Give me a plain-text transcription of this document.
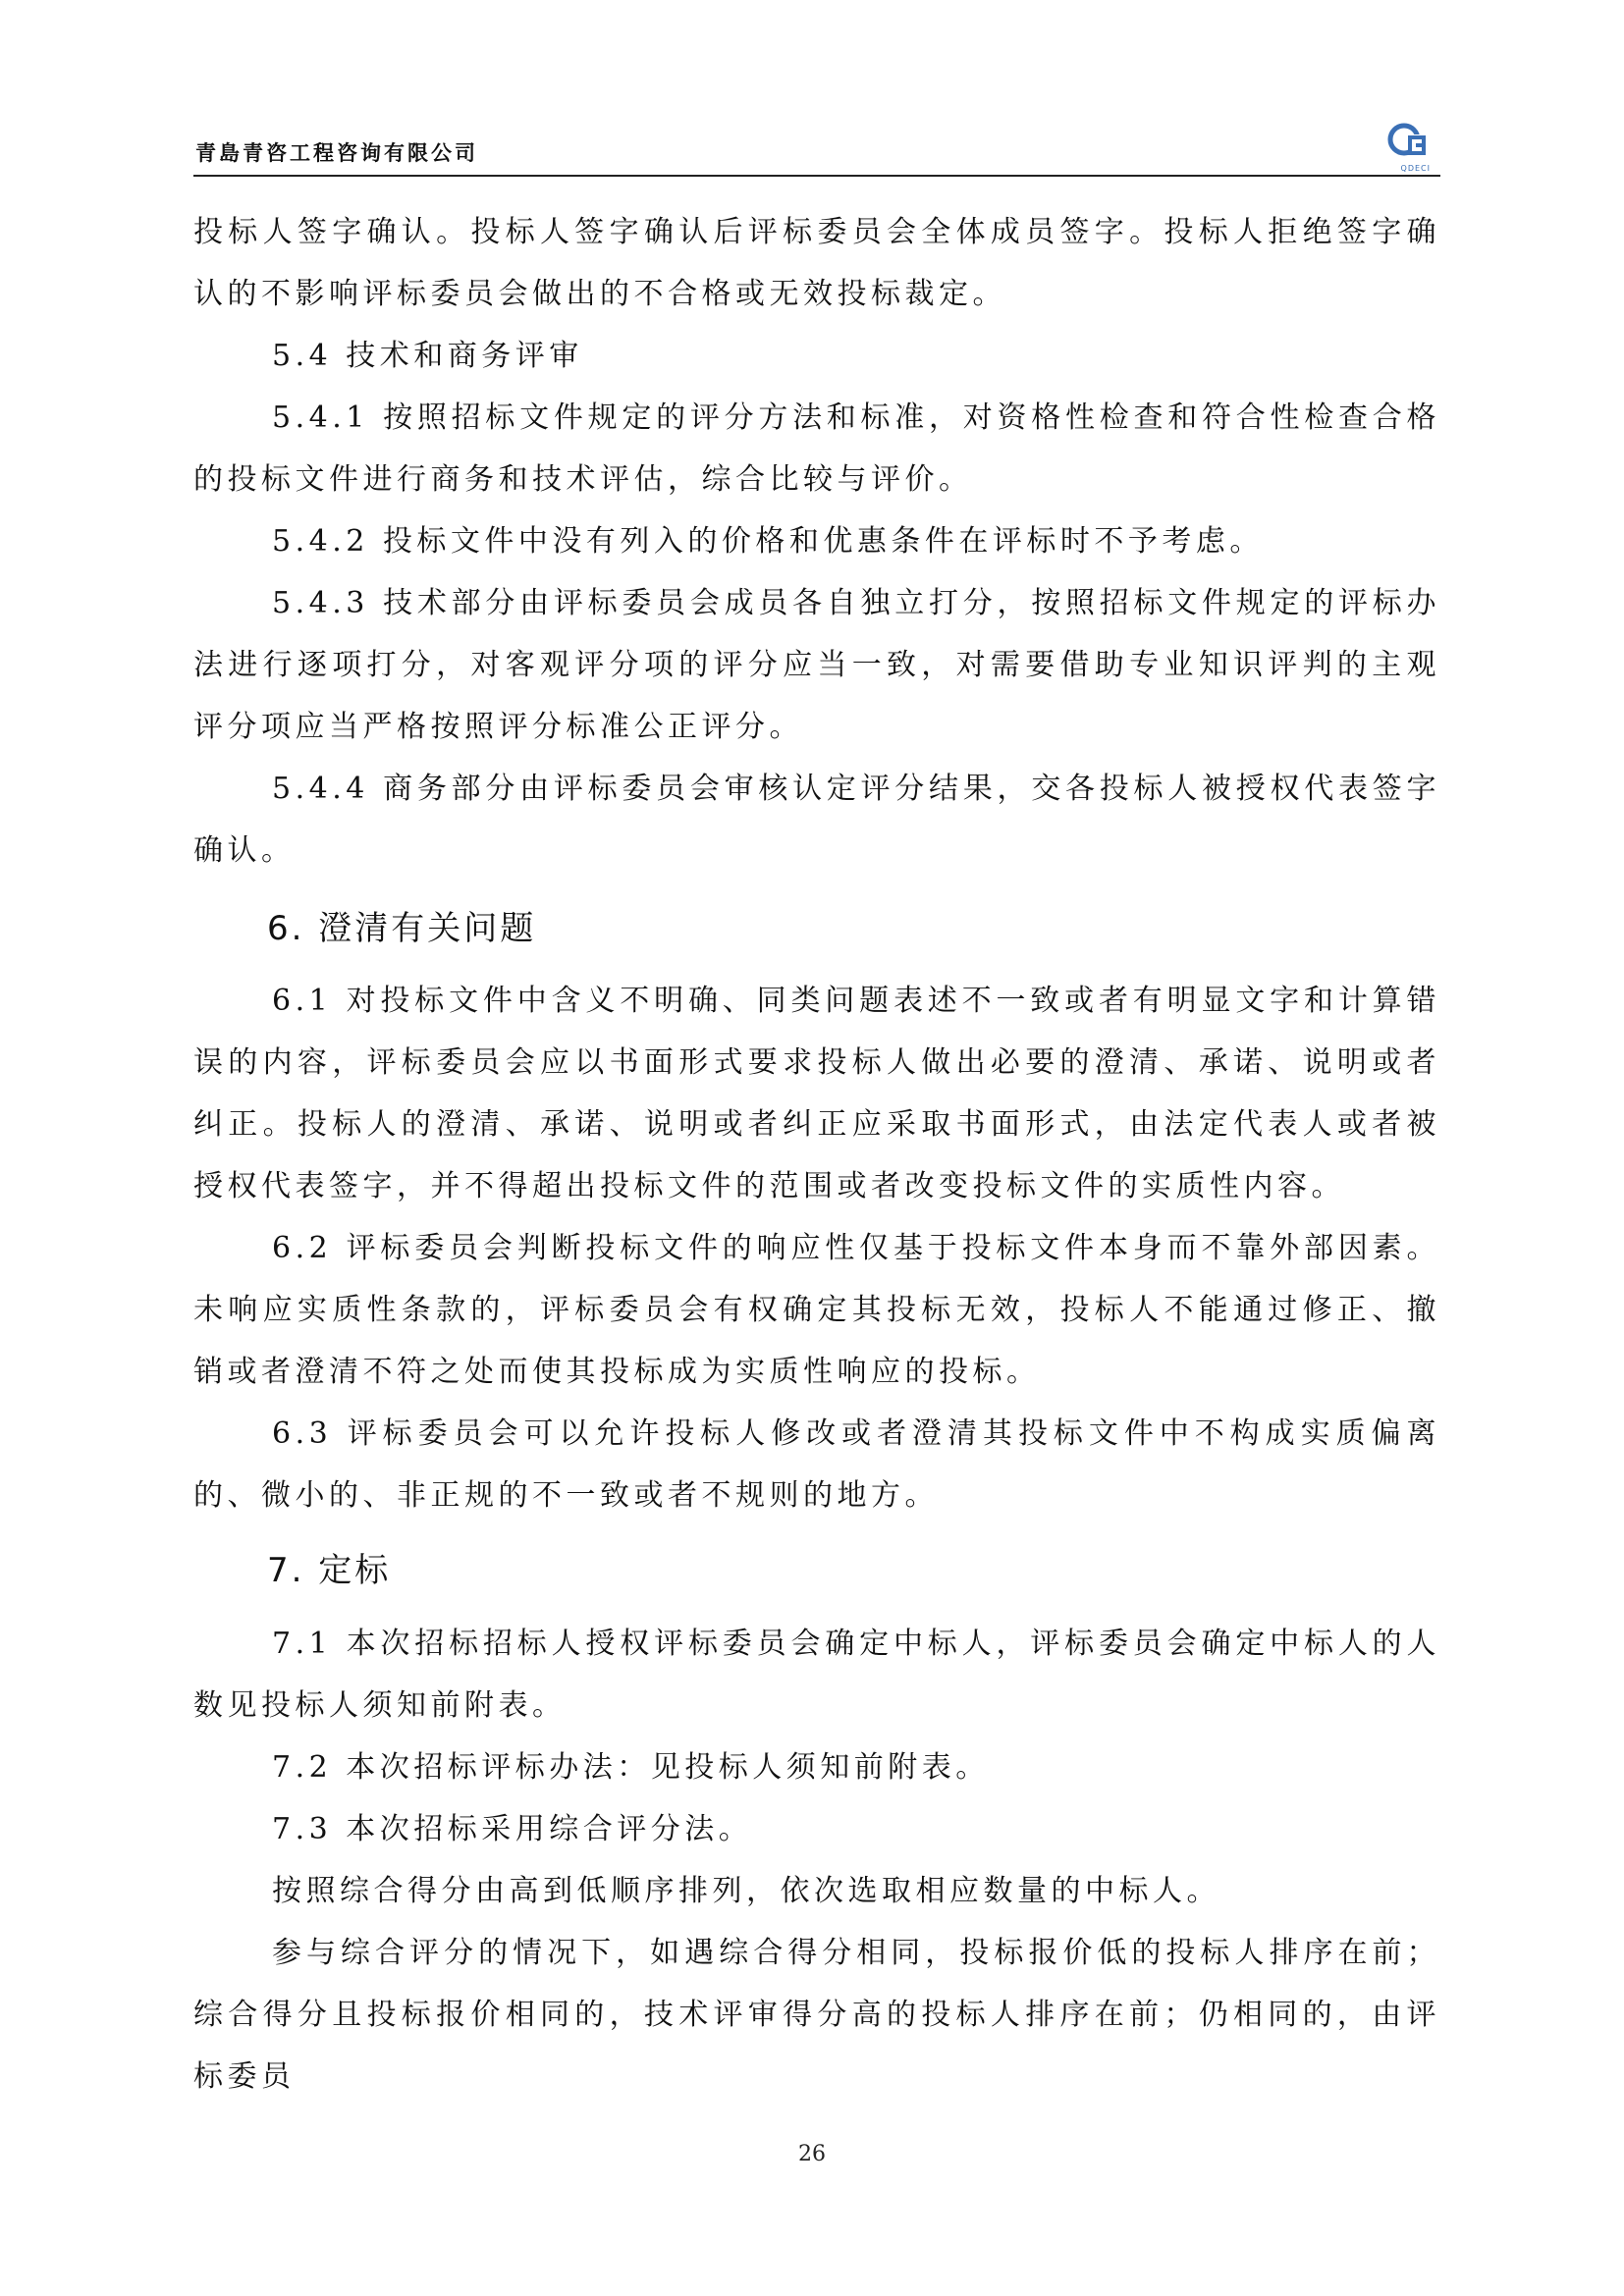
青島青咨工程咨询有限公司
QDECI

投标人签字确认。投标人签字确认后评标委员会全体成员签字。投标人拒绝签字确认的不影响评标委员会做出的不合格或无效投标裁定。

5.4 技术和商务评审

5.4.1 按照招标文件规定的评分方法和标准，对资格性检查和符合性检查合格的投标文件进行商务和技术评估，综合比较与评价。

5.4.2 投标文件中没有列入的价格和优惠条件在评标时不予考虑。

5.4.3 技术部分由评标委员会成员各自独立打分，按照招标文件规定的评标办法进行逐项打分，对客观评分项的评分应当一致，对需要借助专业知识评判的主观评分项应当严格按照评分标准公正评分。

5.4.4 商务部分由评标委员会审核认定评分结果，交各投标人被授权代表签字确认。

6. 澄清有关问题

6.1 对投标文件中含义不明确、同类问题表述不一致或者有明显文字和计算错误的内容，评标委员会应以书面形式要求投标人做出必要的澄清、承诺、说明或者纠正。投标人的澄清、承诺、说明或者纠正应采取书面形式，由法定代表人或者被授权代表签字，并不得超出投标文件的范围或者改变投标文件的实质性内容。

6.2 评标委员会判断投标文件的响应性仅基于投标文件本身而不靠外部因素。未响应实质性条款的，评标委员会有权确定其投标无效，投标人不能通过修正、撤销或者澄清不符之处而使其投标成为实质性响应的投标。

6.3 评标委员会可以允许投标人修改或者澄清其投标文件中不构成实质偏离的、微小的、非正规的不一致或者不规则的地方。

7. 定标

7.1 本次招标招标人授权评标委员会确定中标人，评标委员会确定中标人的人数见投标人须知前附表。

7.2 本次招标评标办法：见投标人须知前附表。

7.3 本次招标采用综合评分法。

按照综合得分由高到低顺序排列，依次选取相应数量的中标人。

参与综合评分的情况下，如遇综合得分相同，投标报价低的投标人排序在前；综合得分且投标报价相同的，技术评审得分高的投标人排序在前；仍相同的，由评标委员

26
